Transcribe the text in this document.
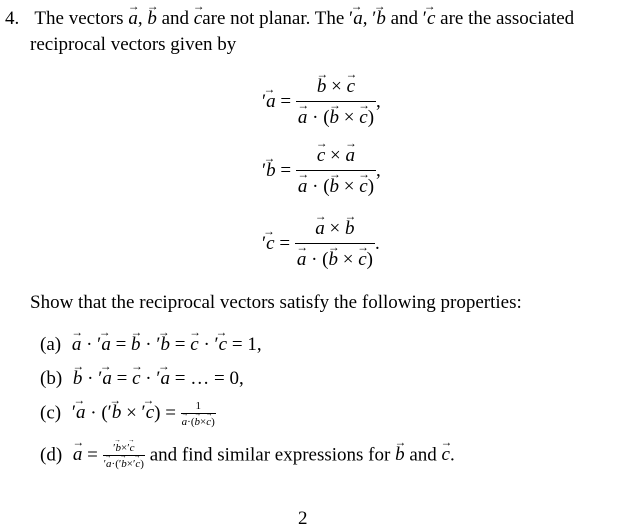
4. The vectors a →, b → and c →are not planar. The ′ a →, ′ b → and ′ c → are the associated
reciprocal vectors given by
′ a → = $\frac{b \to \times c \to}{a \to \cdot (b \to \times c \to)}$ ,
′ b → = $\frac{c \to \times a \to}{a \to \cdot (b \to \times c \to)}$ ,
′ c → = $\frac{a \to \times b \to}{a \to \cdot (b \to \times c \to)}$ .
Show that the reciprocal vectors satisfy the following properties:
(a) a → · ′ a → = b → · ′ b → = c → · ′ c → = 1,
(b) b → · ′ a → = c → · ′ a → = … = 0,
(c) ′ a → · ( ′ b → × ′ c →) = $\frac{1}{a \to\cdot(b \to\times c \to)}$
(d) a → = ′ b →× ′ c →
′ a →·( ′ b →× ′ c →) and find similar expressions for b → and c →.
2
